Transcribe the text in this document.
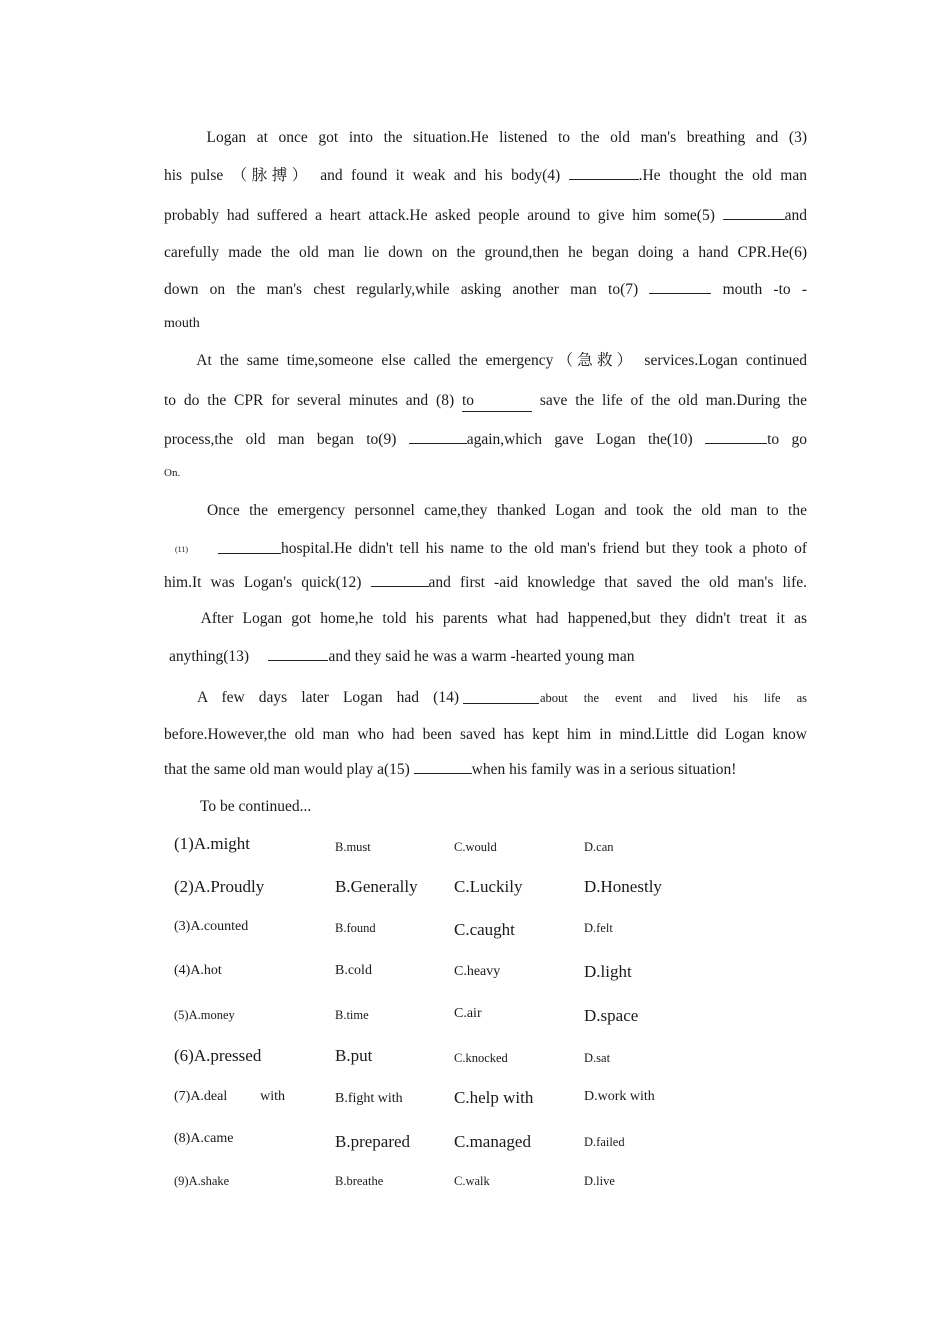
Logan at once got into the situation.He listened to the old man's breathing and (3)
his pulse （脉搏） and found it weak and his body(4)	.He thought the old man
probably had suffered a heart attack.He asked people around to give him some(5)	and
carefully made the old man lie down on the ground,then he began doing a hand CPR.He(6)
down on the man's chest regularly,while asking another man to(7)	mouth -to -
mouth
At the same time,someone else called the emergency（急救） services.Logan continued
to do the CPR for several minutes and (8) to	save the life of the old man.During the
process,the old man began to(9)	again,which gave Logan the(10)	to go
On.
Once the emergency personnel came,they thanked Logan and took the old man to the
(11)	hospital.He didn't tell his name to the old man's friend but they took a photo of
him.It was Logan's quick(12)	and first -aid knowledge that saved the old man's life.
After Logan got home,he told his parents what had happened,but they didn't treat it as
anything(13)	and they said he was a warm -hearted young man
A few days later Logan had (14)	about the event and lived his life as
before.However,the old man who had been saved has kept him in mind.Little did Logan know
that the same old man would play a(15)	when his family was in a serious situation!
To be continued...
(1)A.might	B.must	C.would	D.can
(2)A.Proudly	B.Generally C.Luckily	D.Honestly
(3)A.counted	B.found	C.caught	D.felt
(4)A.hot	B.cold	C.heavy	D.light
(5)A.money	B.time	C.air	D.space
(6)A.pressed	B.put	C.knocked	D.sat
(7)A.deal with	B.fight with	C.help with	D.work with
(8)A.came	B.prepared	C.managed	D.failed
(9)A.shake	B.breathe	C.walk	D.live
